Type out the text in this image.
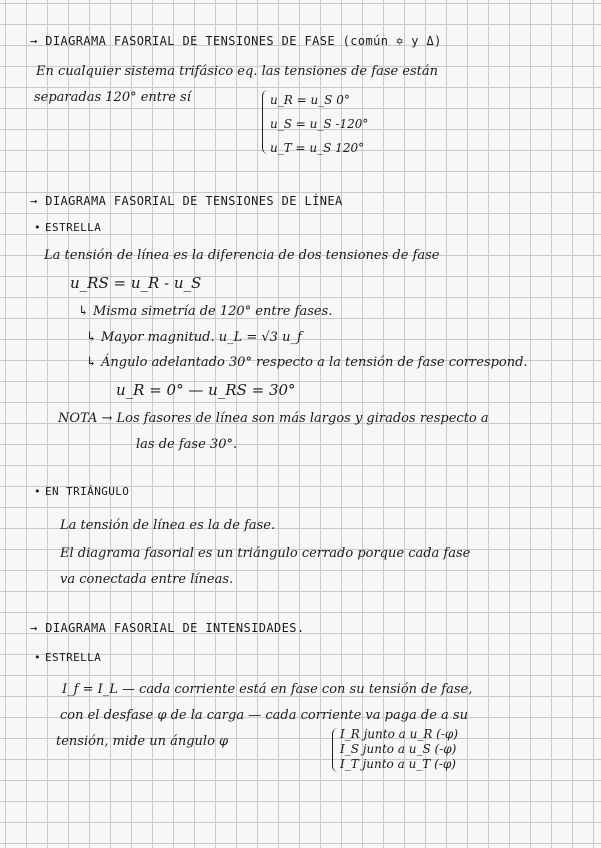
→ DIAGRAMA FASORIAL DE TENSIONES DE FASE (común ✡ y Δ)
En cualquier sistema trifásico eq. las tensiones de fase están
separadas 120° entre sí	u_R = u_S 0°
u_S = u_S -120°
u_T = u_S 120°
→ DIAGRAMA FASORIAL DE TENSIONES DE LÍNEA
• ESTRELLA
La tensión de línea es la diferencia de dos tensiones de fase
u_RS = u_R - u_S
↳ Misma simetría de 120° entre fases.
↳ Mayor magnitud. u_L = √3 u_f
↳ Ángulo adelantado 30° respecto a la tensión de fase correspond.
u_R = 0° — u_RS = 30°
NOTA → Los fasores de línea son más largos y girados respecto a
las de fase 30°.
• EN TRIÁNGULO
La tensión de línea es la de fase.
El diagrama fasorial es un triángulo cerrado porque cada fase
va conectada entre líneas.
→ DIAGRAMA FASORIAL DE INTENSIDADES.
• ESTRELLA
I_f = I_L — cada corriente está en fase con su tensión de fase,
con el desfase φ de la carga — cada corriente va paga de a su
tensión, mide un ángulo φ	I_R junto a u_R (-φ)
I_S junto a u_S (-φ)
I_T junto a u_T (-φ)
